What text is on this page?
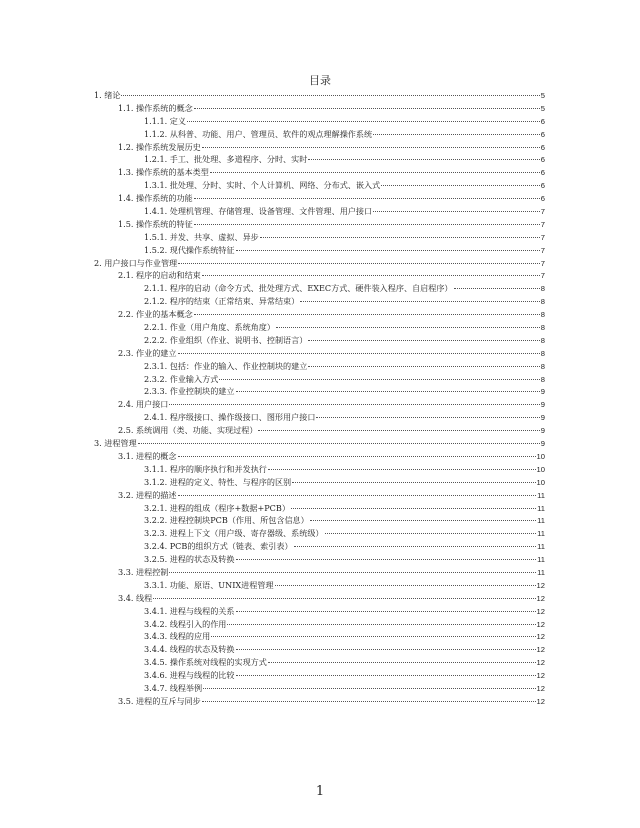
目录
1. 绪论	5
1.1. 操作系统的概念	5
1.1.1. 定义	6
1.1.2. 从科普、功能、用户、管理员、软件的观点理解操作系统	6
1.2. 操作系统发展历史	6
1.2.1. 手工、批处理、多道程序、分时、实时	6
1.3. 操作系统的基本类型	6
1.3.1. 批处理、分时、实时、个人计算机、网络、分布式、嵌入式	6
1.4. 操作系统的功能	6
1.4.1. 处理机管理、存储管理、设备管理、文件管理、用户接口	7
1.5. 操作系统的特征	7
1.5.1. 并发、共享、虚拟、异步	7
1.5.2. 现代操作系统特征	7
2. 用户接口与作业管理	7
2.1. 程序的启动和结束	7
2.1.1. 程序的启动（命令方式、批处理方式、EXEC方式、硬件装入程序、自启程序）	8
2.1.2. 程序的结束（正常结束、异常结束）	8
2.2. 作业的基本概念	8
2.2.1. 作业（用户角度、系统角度）	8
2.2.2. 作业组织（作业、说明书、控制语言）	8
2.3. 作业的建立	8
2.3.1. 包括：作业的输入、作业控制块的建立	8
2.3.2. 作业输入方式	8
2.3.3. 作业控制块的建立	9
2.4. 用户接口	9
2.4.1. 程序级接口、操作级接口、图形用户接口	9
2.5. 系统调用（类、功能、实现过程）	9
3. 进程管理	9
3.1. 进程的概念	10
3.1.1. 程序的顺序执行和并发执行	10
3.1.2. 进程的定义、特性、与程序的区别	10
3.2. 进程的描述	11
3.2.1. 进程的组成（程序+数据+PCB）	11
3.2.2. 进程控制块PCB（作用、所包含信息）	11
3.2.3. 进程上下文（用户级、寄存器级、系统级）	11
3.2.4. PCB的组织方式（链表、索引表）	11
3.2.5. 进程的状态及转换	11
3.3. 进程控制	11
3.3.1. 功能、原语、UNIX进程管理	12
3.4. 线程	12
3.4.1. 进程与线程的关系	12
3.4.2. 线程引入的作用	12
3.4.3. 线程的应用	12
3.4.4. 线程的状态及转换	12
3.4.5. 操作系统对线程的实现方式	12
3.4.6. 进程与线程的比较	12
3.4.7. 线程举例	12
3.5. 进程的互斥与同步	12
1
